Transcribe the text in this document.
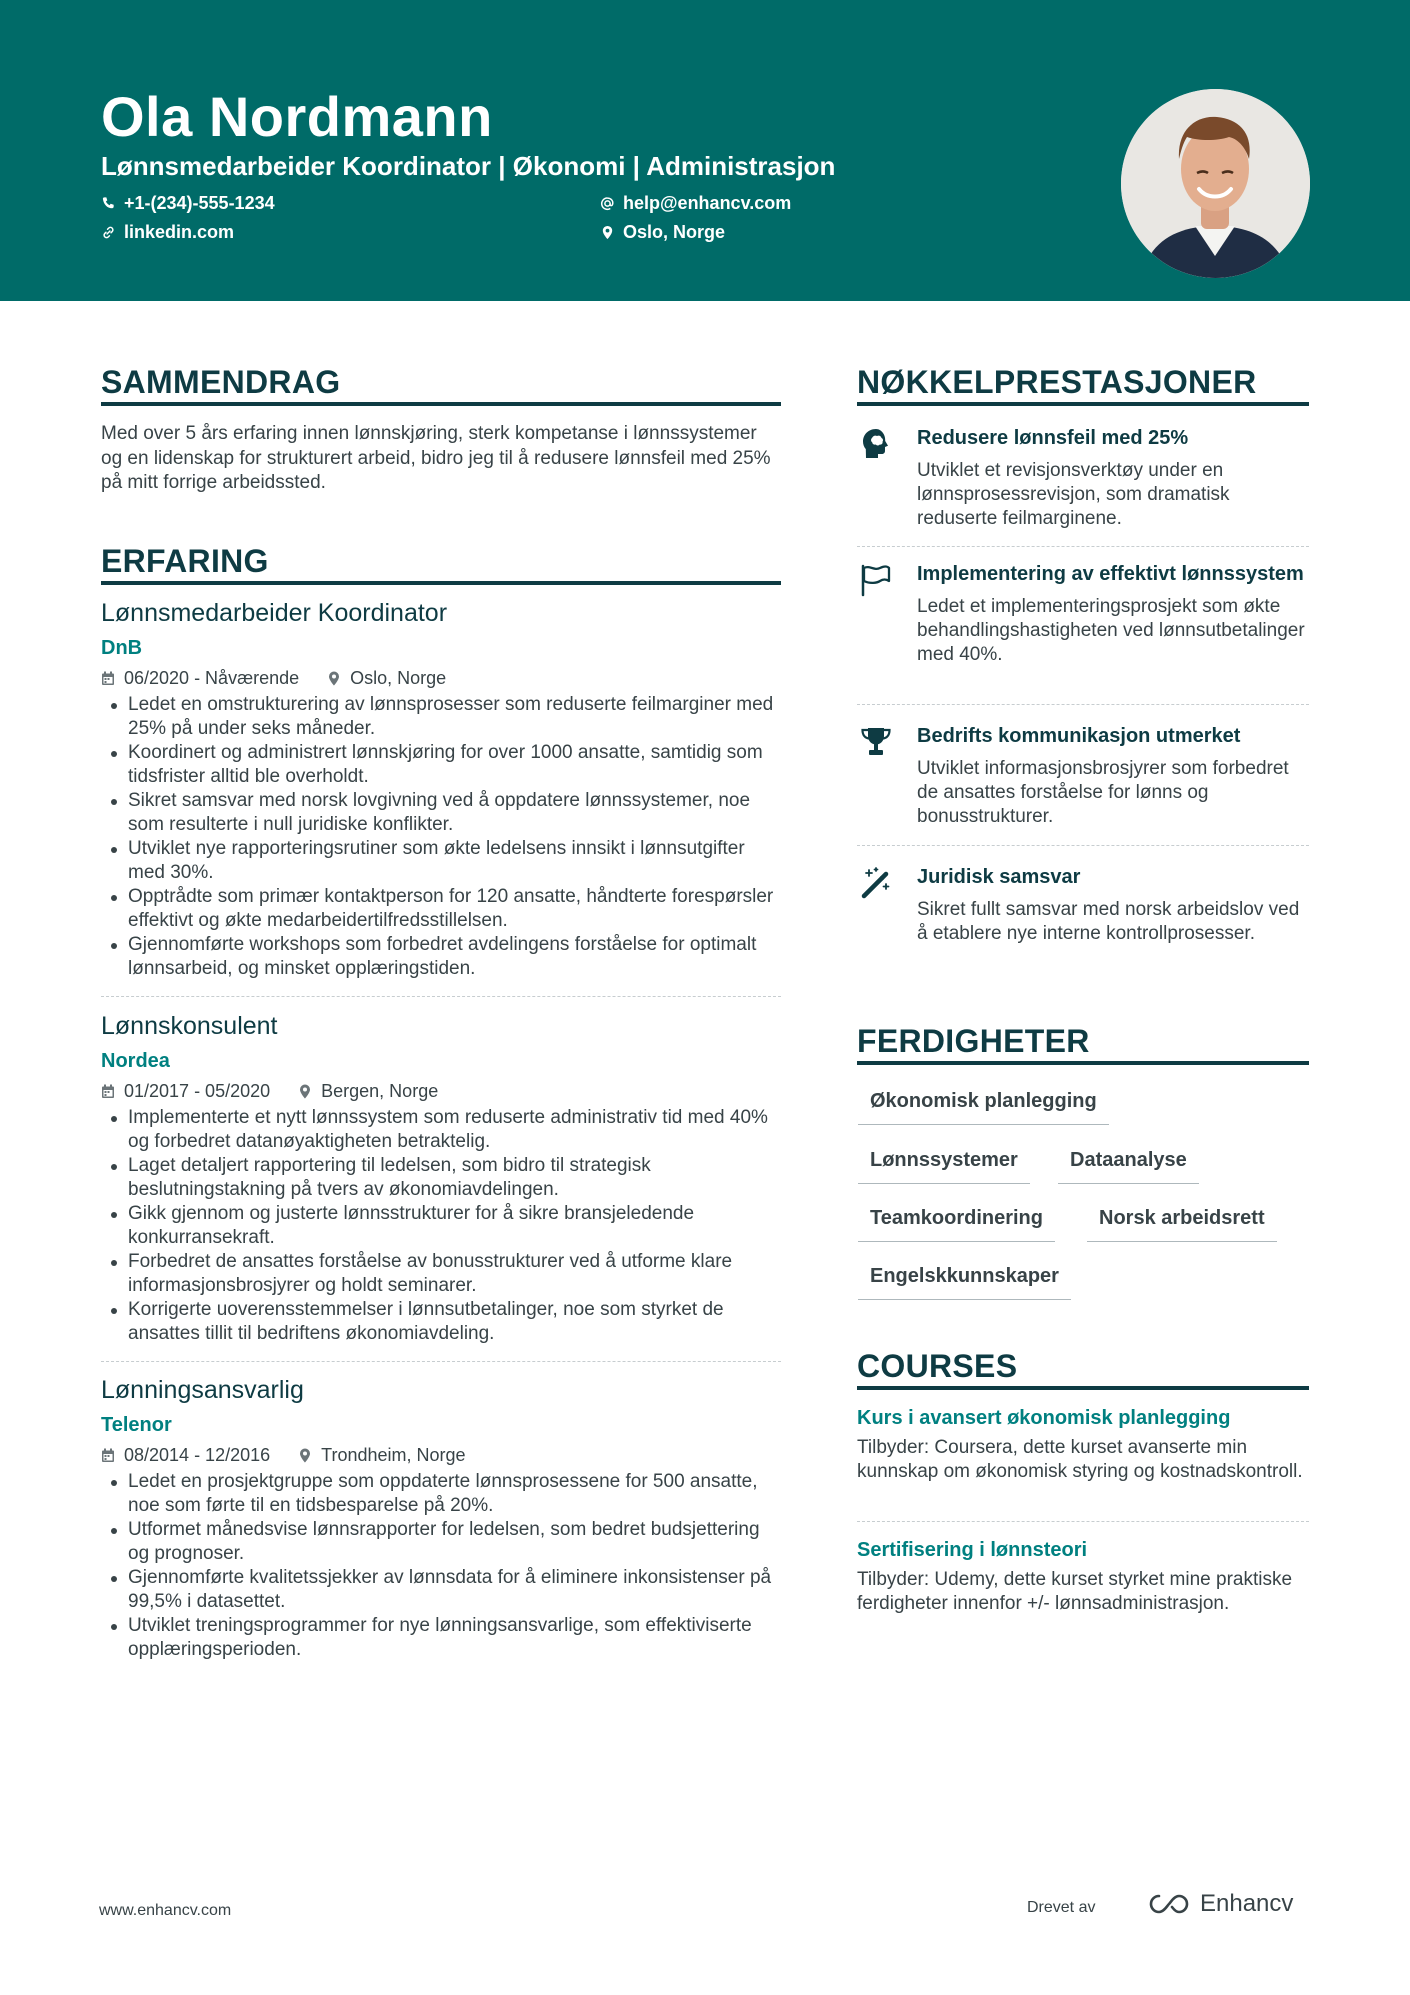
Ola Nordmann
Lønnsmedarbeider Koordinator | Økonomi | Administrasjon
+1-(234)-555-1234	help@enhancv.com
linkedin.com	Oslo, Norge
SAMMENDRAG
Med over 5 års erfaring innen lønnskjøring, sterk kompetanse i lønnssystemer og en lidenskap for strukturert arbeid, bidro jeg til å redusere lønnsfeil med 25% på mitt forrige arbeidssted.
ERFARING
Lønnsmedarbeider Koordinator
DnB
06/2020 - Nåværende	Oslo, Norge
Ledet en omstrukturering av lønnsprosesser som reduserte feilmarginer med 25% på under seks måneder.
Koordinert og administrert lønnskjøring for over 1000 ansatte, samtidig som tidsfrister alltid ble overholdt.
Sikret samsvar med norsk lovgivning ved å oppdatere lønnssystemer, noe som resulterte i null juridiske konflikter.
Utviklet nye rapporteringsrutiner som økte ledelsens innsikt i lønnsutgifter med 30%.
Opptrådte som primær kontaktperson for 120 ansatte, håndterte forespørsler effektivt og økte medarbeidertilfredsstillelsen.
Gjennomførte workshops som forbedret avdelingens forståelse for optimalt lønnsarbeid, og minsket opplæringstiden.
Lønnskonsulent
Nordea
01/2017 - 05/2020	Bergen, Norge
Implementerte et nytt lønnssystem som reduserte administrativ tid med 40% og forbedret datanøyaktigheten betraktelig.
Laget detaljert rapportering til ledelsen, som bidro til strategisk beslutningstakning på tvers av økonomiavdelingen.
Gikk gjennom og justerte lønnsstrukturer for å sikre bransjeledende konkurransekraft.
Forbedret de ansattes forståelse av bonusstrukturer ved å utforme klare informasjonsbrosjyrer og holdt seminarer.
Korrigerte uoverensstemmelser i lønnsutbetalinger, noe som styrket de ansattes tillit til bedriftens økonomiavdeling.
Lønningsansvarlig
Telenor
08/2014 - 12/2016	Trondheim, Norge
Ledet en prosjektgruppe som oppdaterte lønnsprosessene for 500 ansatte, noe som førte til en tidsbesparelse på 20%.
Utformet månedsvise lønnsrapporter for ledelsen, som bedret budsjettering og prognoser.
Gjennomførte kvalitetssjekker av lønnsdata for å eliminere inkonsistenser på 99,5% i datasettet.
Utviklet treningsprogrammer for nye lønningsansvarlige, som effektiviserte opplæringsperioden.
NØKKELPRESTASJONER
Redusere lønnsfeil med 25%
Utviklet et revisjonsverktøy under en lønnsprosessrevisjon, som dramatisk reduserte feilmarginene.
Implementering av effektivt lønnssystem
Ledet et implementeringsprosjekt som økte behandlingshastigheten ved lønnsutbetalinger med 40%.
Bedrifts kommunikasjon utmerket
Utviklet informasjonsbrosjyrer som forbedret de ansattes forståelse for lønns og bonusstrukturer.
Juridisk samsvar
Sikret fullt samsvar med norsk arbeidslov ved å etablere nye interne kontrollprosesser.
FERDIGHETER
Økonomisk planlegging
Lønnssystemer	Dataanalyse
Teamkoordinering	Norsk arbeidsrett
Engelskkunnskaper
COURSES
Kurs i avansert økonomisk planlegging
Tilbyder: Coursera, dette kurset avanserte min kunnskap om økonomisk styring og kostnadskontroll.
Sertifisering i lønnsteori
Tilbyder: Udemy, dette kurset styrket mine praktiske ferdigheter innenfor +/- lønnsadministrasjon.
www.enhancv.com	Drevet av	Enhancv
